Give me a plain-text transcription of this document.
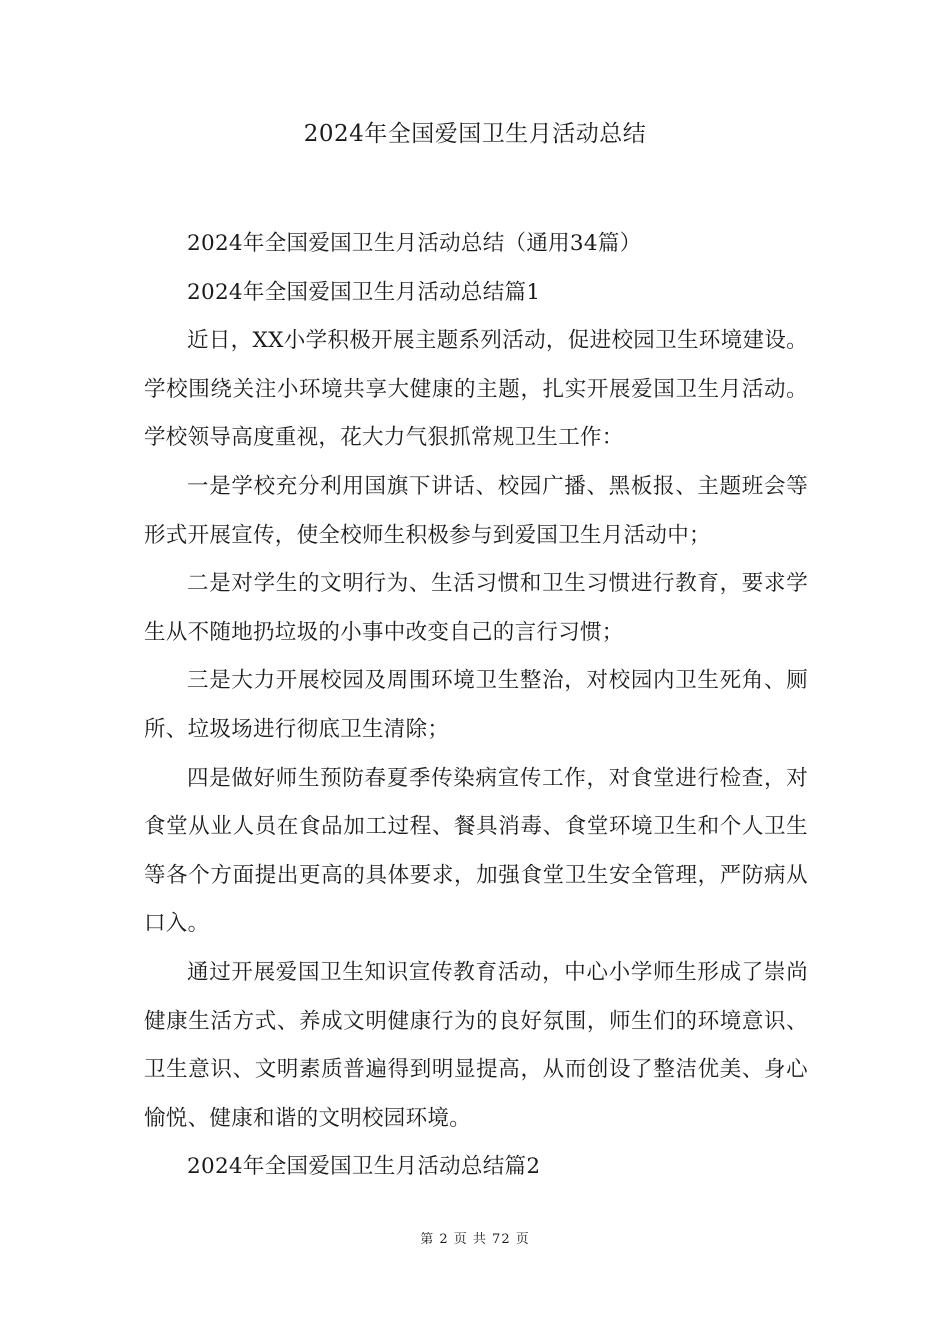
2024年全国爱国卫生月活动总结

2024年全国爱国卫生月活动总结（通用34篇）

2024年全国爱国卫生月活动总结篇1

近日，XX小学积极开展主题系列活动，促进校园卫生环境建设。学校围绕关注小环境共享大健康的主题，扎实开展爱国卫生月活动。学校领导高度重视，花大力气狠抓常规卫生工作：

一是学校充分利用国旗下讲话、校园广播、黑板报、主题班会等形式开展宣传，使全校师生积极参与到爱国卫生月活动中；

二是对学生的文明行为、生活习惯和卫生习惯进行教育，要求学生从不随地扔垃圾的小事中改变自己的言行习惯；

三是大力开展校园及周围环境卫生整治，对校园内卫生死角、厕所、垃圾场进行彻底卫生清除；

四是做好师生预防春夏季传染病宣传工作，对食堂进行检查，对食堂从业人员在食品加工过程、餐具消毒、食堂环境卫生和个人卫生等各个方面提出更高的具体要求，加强食堂卫生安全管理，严防病从口入。

通过开展爱国卫生知识宣传教育活动，中心小学师生形成了崇尚健康生活方式、养成文明健康行为的良好氛围，师生们的环境意识、卫生意识、文明素质普遍得到明显提高，从而创设了整洁优美、身心愉悦、健康和谐的文明校园环境。

2024年全国爱国卫生月活动总结篇2

第 2 页 共 72 页
